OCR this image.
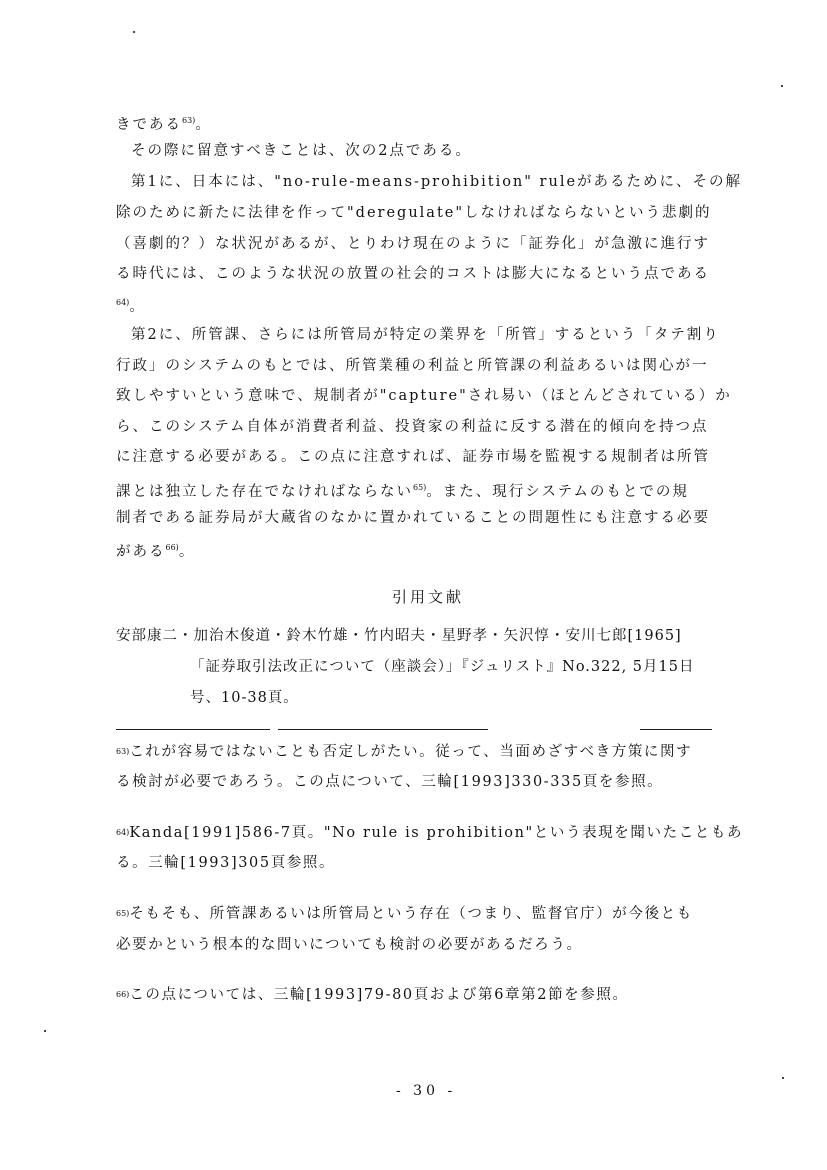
きである$^{63)}$。
その際に留意すべきことは、次の2点である。
第1に、日本には、"no-rule-means-prohibition" ruleがあるために、その解
除のために新たに法律を作って"deregulate"しなければならないという悲劇的
（喜劇的？）な状況があるが、とりわけ現在のように「証券化」が急激に進行す
る時代には、このような状況の放置の社会的コストは膨大になるという点である
$^{64)}$。
第2に、所管課、さらには所管局が特定の業界を「所管」するという「タテ割り
行政」のシステムのもとでは、所管業種の利益と所管課の利益あるいは関心が一
致しやすいという意味で、規制者が"capture"され易い（ほとんどされている）か
ら、このシステム自体が消費者利益、投資家の利益に反する潜在的傾向を持つ点
に注意する必要がある。この点に注意すれば、証券市場を監視する規制者は所管
課とは独立した存在でなければならない$^{65)}$。また、現行システムのもとでの規
制者である証券局が大蔵省のなかに置かれていることの問題性にも注意する必要
がある$^{66)}$。
引用文献
安部康二・加治木俊道・鈴木竹雄・竹内昭夫・星野孝・矢沢惇・安川七郎[1965]
「証券取引法改正について（座談会）」『ジュリスト』No.322, 5月15日
号、10-38頁。
$^{63)}$これが容易ではないことも否定しがたい。従って、当面めざすべき方策に関す
る検討が必要であろう。この点について、三輪[1993]330-335頁を参照。
$^{64)}$Kanda[1991]586-7頁。"No rule is prohibition"という表現を聞いたこともあ
る。三輪[1993]305頁参照。
$^{65)}$そもそも、所管課あるいは所管局という存在（つまり、監督官庁）が今後とも
必要かという根本的な問いについても検討の必要があるだろう。
$^{66)}$この点については、三輪[1993]79-80頁および第6章第2節を参照。
- 30 -
